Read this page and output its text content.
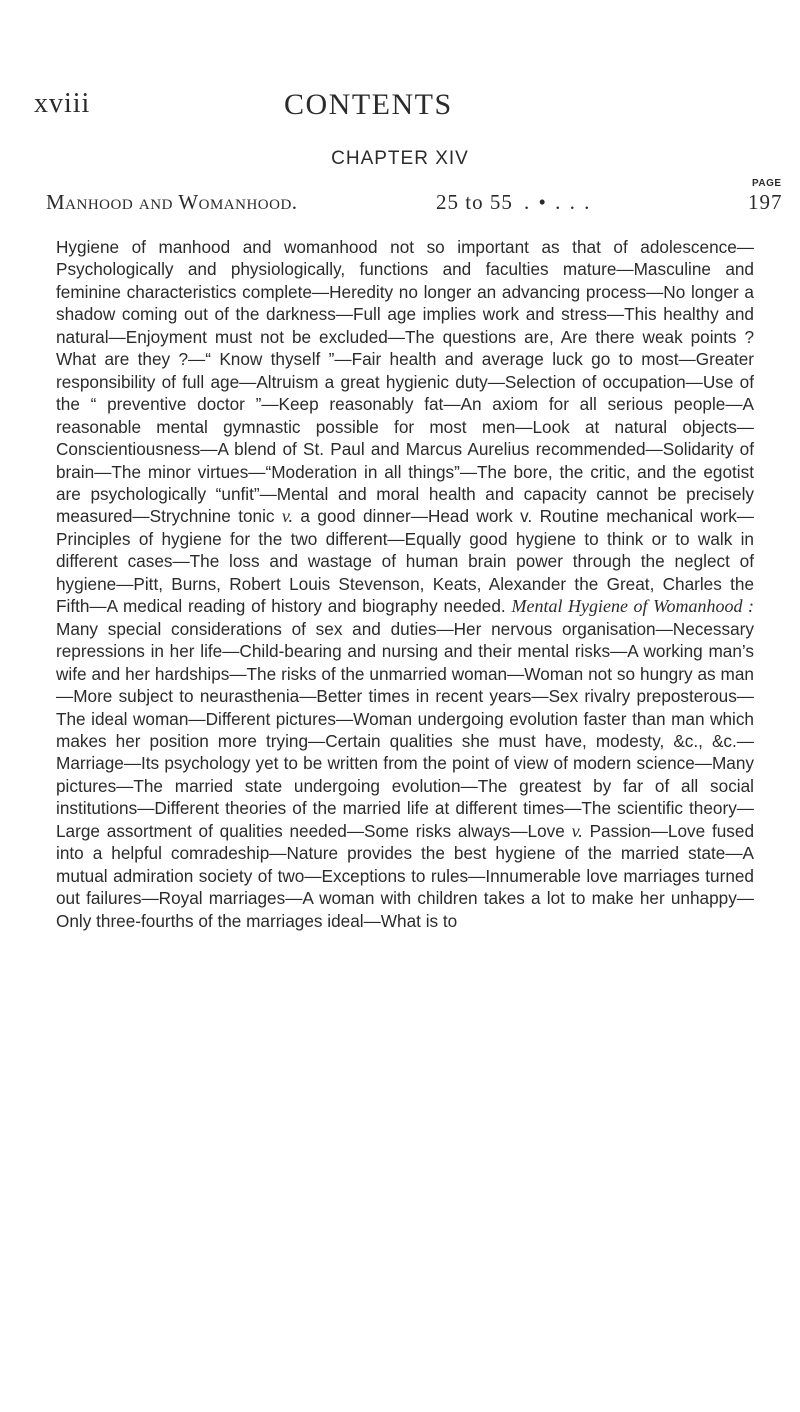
xviii	CONTENTS
CHAPTER XIV
PAGE
Manhood and Womanhood.	25 to 55 . • . . .	197
Hygiene of manhood and womanhood not so important as that of adolescence—Psychologically and physiologically, functions and faculties mature—Masculine and feminine characteristics complete—Heredity no longer an advancing process—No longer a shadow coming out of the darkness—Full age implies work and stress—This healthy and natural—Enjoyment must not be excluded—The questions are, Are there weak points ? What are they ?—“ Know thyself ”—Fair health and average luck go to most—Greater responsibility of full age—Altruism a great hygienic duty—Selection of occupation—Use of the “ preventive doctor ”—Keep reasonably fat—An axiom for all serious people—A reasonable mental gymnastic possible for most men—Look at natural objects—Conscientiousness—A blend of St. Paul and Marcus Aurelius recommended—Solidarity of brain—The minor virtues—“Moderation in all things”—The bore, the critic, and the egotist are psychologically “unfit”—Mental and moral health and capacity cannot be precisely measured—Strychnine tonic v. a good dinner—Head work v. Routine mechanical work—Principles of hygiene for the two different—Equally good hygiene to think or to walk in different cases—The loss and wastage of human brain power through the neglect of hygiene—Pitt, Burns, Robert Louis Stevenson, Keats, Alexander the Great, Charles the Fifth—A medical reading of history and biography needed. Mental Hygiene of Womanhood : Many special considerations of sex and duties—Her nervous organisation—Necessary repressions in her life—Child-bearing and nursing and their mental risks—A working man’s wife and her hardships—The risks of the unmarried woman—Woman not so hungry as man—More subject to neurasthenia—Better times in recent years—Sex rivalry preposterous—The ideal woman—Different pictures—Woman undergoing evolution faster than man which makes her position more trying—Certain qualities she must have, modesty, &c., &c.—Marriage—Its psychology yet to be written from the point of view of modern science—Many pictures—The married state undergoing evolution—The greatest by far of all social institutions—Different theories of the married life at different times—The scientific theory—Large assortment of qualities needed—Some risks always—Love v. Passion—Love fused into a helpful comradeship—Nature provides the best hygiene of the married state—A mutual admiration society of two—Exceptions to rules—Innumerable love marriages turned out failures—Royal marriages—A woman with children takes a lot to make her unhappy—Only three-fourths of the marriages ideal—What is to
